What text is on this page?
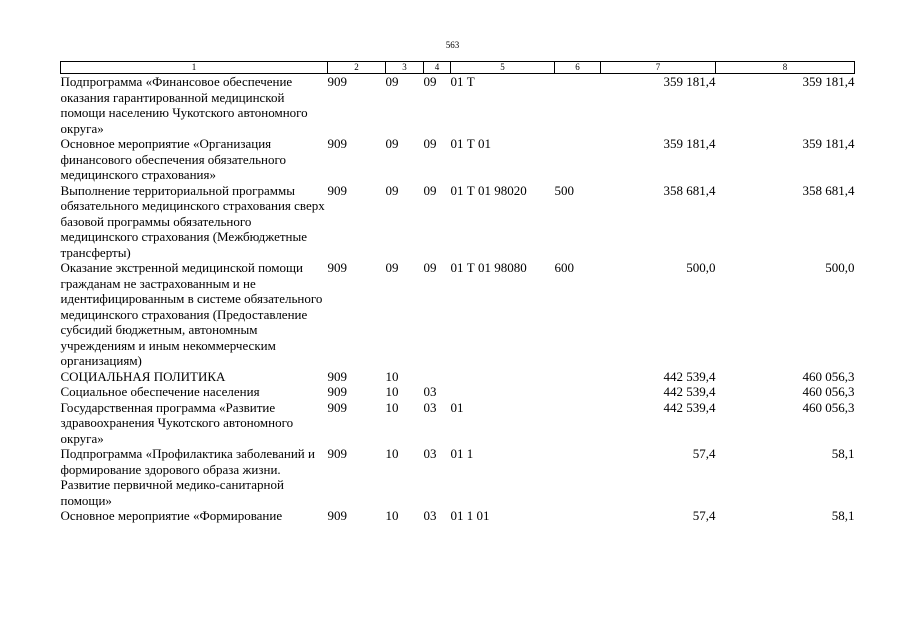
563
1	2	3	4	5	6	7	8
Подпрограмма «Финансовое обеспечение оказания гарантированной медицинской помощи населению Чукотского автономного округа»	909	09	09	01 Т		359 181,4	359 181,4
Основное мероприятие «Организация финансового обеспечения обязательного медицинского страхования»	909	09	09	01 Т 01		359 181,4	359 181,4
Выполнение территориальной программы обязательного медицинского страхования сверх базовой программы обязательного медицинского страхования (Межбюджетные трансферты)	909	09	09	01 Т 01 98020	500	358 681,4	358 681,4
Оказание экстренной медицинской помощи гражданам не застрахованным и не идентифицированным в системе обязательного медицинского страхования (Предоставление субсидий бюджетным, автономным учреждениям и иным некоммерческим организациям)	909	09	09	01 Т 01 98080	600	500,0	500,0
СОЦИАЛЬНАЯ ПОЛИТИКА	909	10				442 539,4	460 056,3
Социальное обеспечение населения	909	10	03			442 539,4	460 056,3
Государственная программа «Развитие здравоохранения Чукотского автономного округа»	909	10	03	01		442 539,4	460 056,3
Подпрограмма «Профилактика заболеваний и формирование здорового образа жизни. Развитие первичной медико-санитарной помощи»	909	10	03	01 1		57,4	58,1
Основное мероприятие «Формирование	909	10	03	01 1 01		57,4	58,1
